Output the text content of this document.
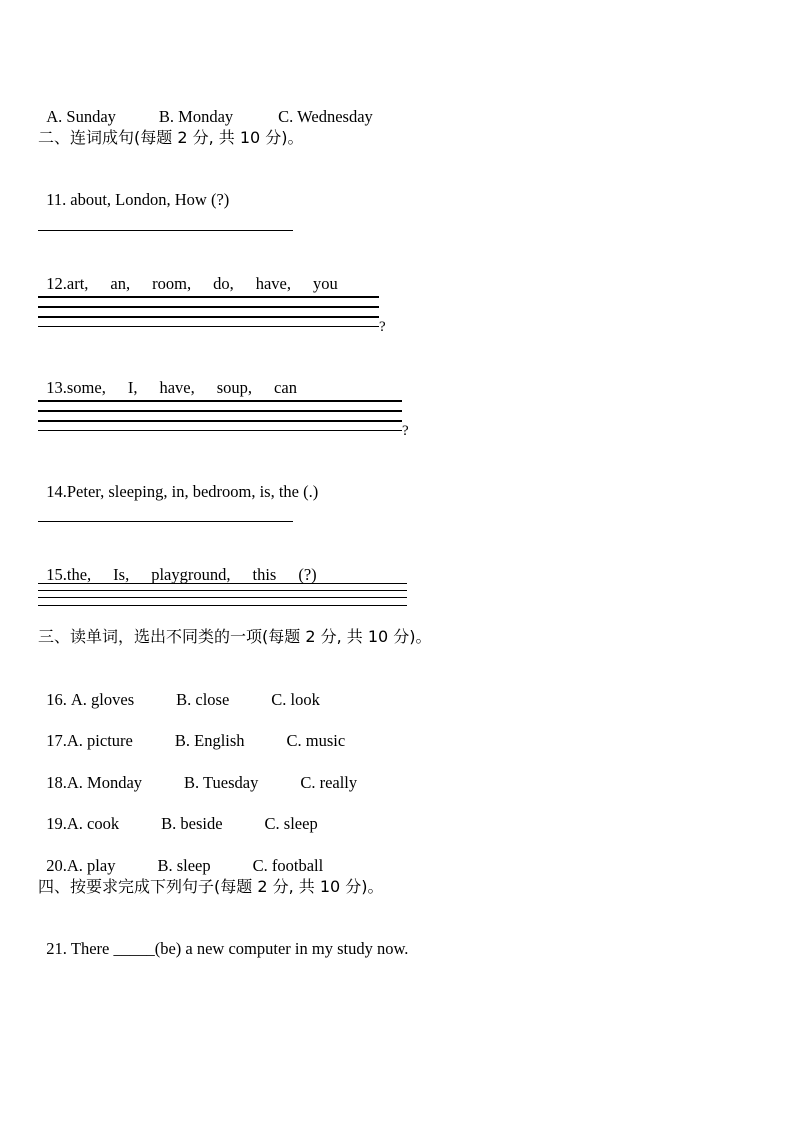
A. Sunday	B. Monday	C. Wednesday

二、连词成句(每题 2 分, 共 10 分)。

11. about, London, How (?)

12.art, an, room, do, have, you

?

13.some, I, have, soup, can

?

14.Peter, sleeping, in, bedroom, is, the (.)

15.the, Is, playground, this (?)

三、读单词，选出不同类的一项(每题 2 分, 共 10 分)。

16. A. gloves	B. close	C. look

17.A. picture	B. English	C. music

18.A. Monday	B. Tuesday	C. really

19.A. cook	B. beside	C. sleep

20.A. play	B. sleep	C. football

四、按要求完成下列句子(每题 2 分, 共 10 分)。

21. There _____(be) a new computer in my study now.
